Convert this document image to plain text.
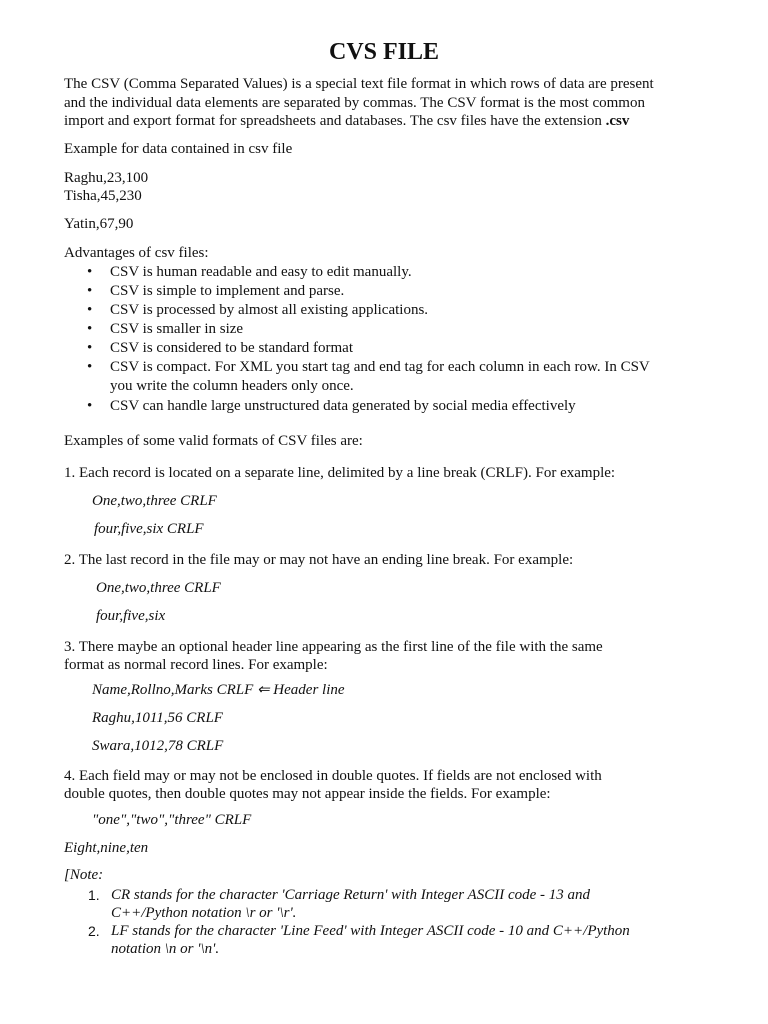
CVS FILE

The CSV (Comma Separated Values) is a special text file format in which rows of data are present

and the individual data elements are separated by commas. The CSV format is the most common

import and export format for spreadsheets and databases. The csv files have the extension .csv

Example for data contained in csv file

Raghu,23,100

Tisha,45,230

Yatin,67,90

Advantages of csv files:

• CSV is human readable and easy to edit manually.

• CSV is simple to implement and parse.

• CSV is processed by almost all existing applications.

• CSV is smaller in size

• CSV is considered to be standard format

• CSV is compact. For XML you start tag and end tag for each column in each row. In CSV

you write the column headers only once.

• CSV can handle large unstructured data generated by social media effectively

Examples of some valid formats of CSV files are:

1. Each record is located on a separate line, delimited by a line break (CRLF). For example:

One,two,three CRLF

four,five,six CRLF

2. The last record in the file may or may not have an ending line break. For example:

One,two,three CRLF

four,five,six

3. There maybe an optional header line appearing as the first line of the file with the same

format as normal record lines. For example:

Name,Rollno,Marks CRLF ⇐ Header line

Raghu,1011,56 CRLF

Swara,1012,78 CRLF

4. Each field may or may not be enclosed in double quotes. If fields are not enclosed with

double quotes, then double quotes may not appear inside the fields. For example:

"one","two","three" CRLF

Eight,nine,ten

[Note:

1. CR stands for the character 'Carriage Return' with Integer ASCII code - 13 and

C++/Python notation \r or '\r'.

2. LF stands for the character 'Line Feed' with Integer ASCII code - 10 and C++/Python

notation \n or '\n'.
